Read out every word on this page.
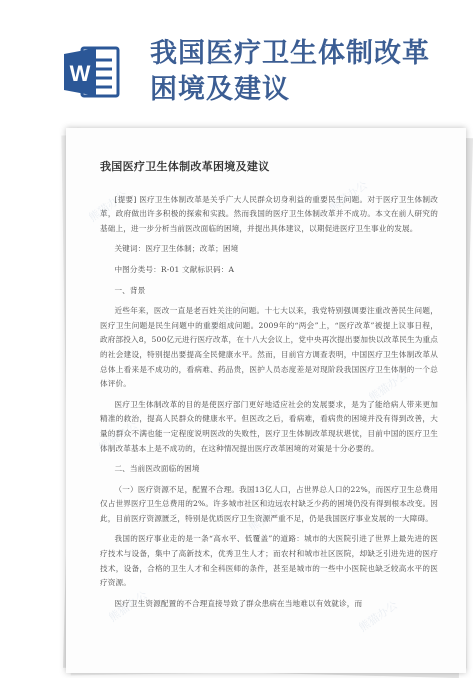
W
我国医疗卫生体制改革
困境及建议
我国医疗卫生体制改革困境及建议

[提要] 医疗卫生体制改革是关乎广大人民群众切身利益的重要民生问题。对于医疗卫生体制改革，政府做出许多积极的探索和实践。然而我国的医疗卫生体制改革并不成功。本文在前人研究的基础上，进一步分析当前医改面临的困境，并提出具体建议，以期促进医疗卫生事业的发展。

关键词：医疗卫生体制；改革；困境

中图分类号：R-01 文献标识码：A

一、背景

近些年来，医改一直是老百姓关注的问题。十七大以来，我党特别强调要注重改善民生问题，医疗卫生问题是民生问题中的重要组成问题。2009年的“两会”上，“医疗改革”被提上议事日程，政府部投入8，500亿元进行医疗改革，在十八大会议上，党中央再次提出要加快以改革民生为重点的社会建设，特别提出要提高全民健康水平。然而，目前官方调查表明，中国医疗卫生体制改革从总体上看来是不成功的，看病难、药品贵，医护人员态度差是对现阶段我国医疗卫生体制的一个总体评价。

医疗卫生体制改革的目的是使医疗部门更好地适应社会的发展要求，是为了能给病人带来更加精准的救治，提高人民群众的健康水平。但医改之后，看病难，看病贵的困境并没有得到改善，大量的群众不满也能一定程度说明医改的失败性，医疗卫生体制改革现状堪忧，目前中国的医疗卫生体制改革基本上是不成功的，在这种情况提出医疗改革困境的对策是十分必要的。

二、当前医改面临的困境

（一）医疗资源不足，配置不合理。我国13亿人口，占世界总人口的22%，而医疗卫生总费用仅占世界医疗卫生总费用的2%。许多城市社区和边远农村缺乏少药的困境仍没有得到根本改变。因此，目前医疗资源匮乏，特别是优质医疗卫生资源严重不足，仍是我国医疗事业发展的一大障碍。

我国的医疗事业走的是一条“高水平、低覆盖”的道路：城市的大医院引进了世界上最先进的医疗技术与设备，集中了高新技术，优秀卫生人才；而农村和城市社区医院，却缺乏引进先进的医疗技术，设备，合格的卫生人才和全科医师的条件，甚至是城市的一些中小医院也缺乏较高水平的医疗资源。

医疗卫生资源配置的不合理直接导致了群众患病在当地难以有效就诊，而

熊猫办公	熊猫办公
熊猫办公
熊猫办公
熊猫办公
熊猫办公
熊猫办公	熊猫办公
